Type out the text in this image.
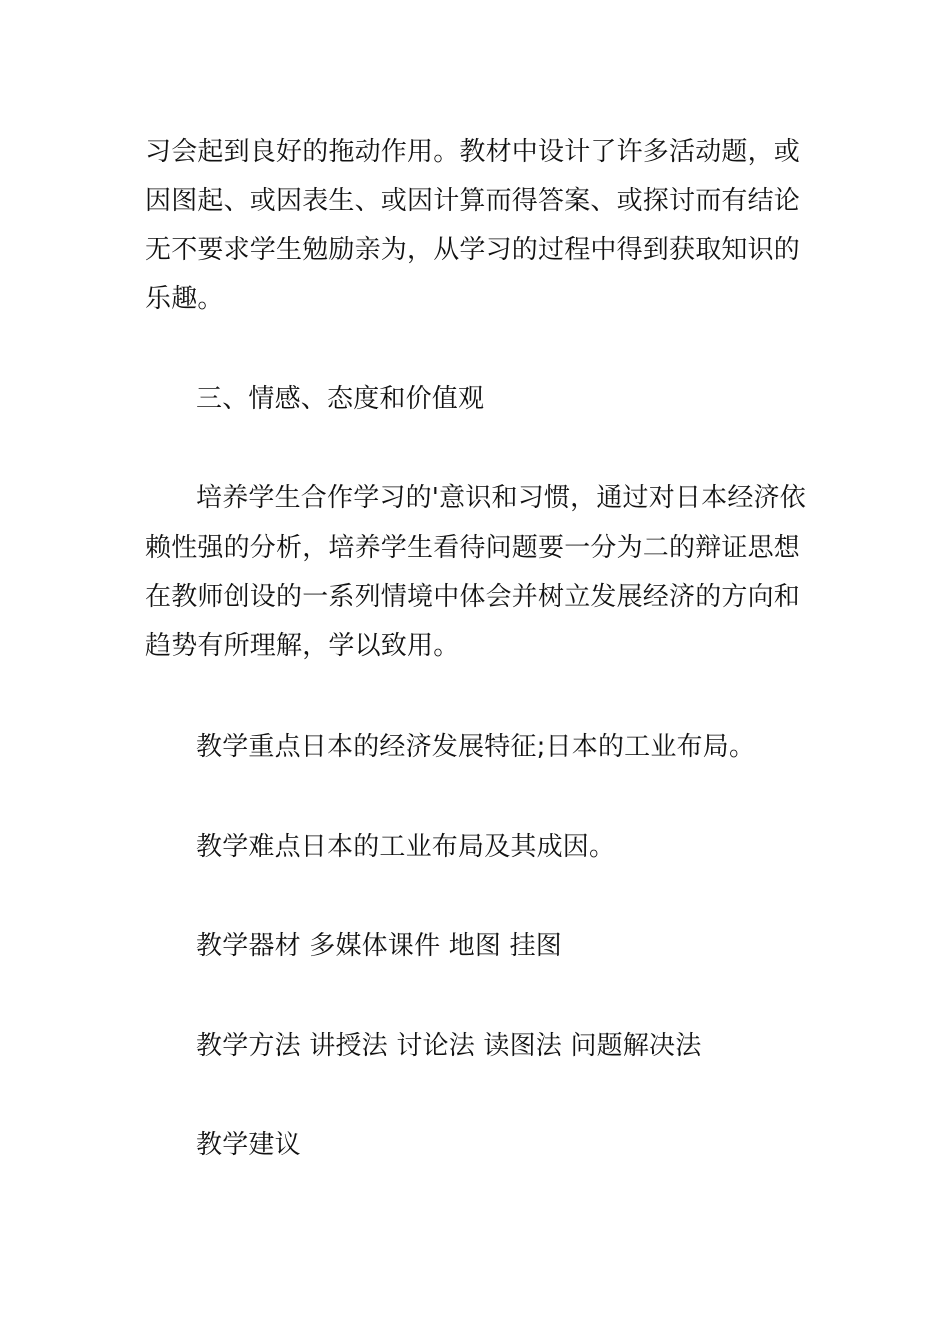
习会起到良好的拖动作用。教材中设计了许多活动题，或
因图起、或因表生、或因计算而得答案、或探讨而有结论
无不要求学生勉励亲为，从学习的过程中得到获取知识的
乐趣。
三、情感、态度和价值观
培养学生合作学习的'意识和习惯，通过对日本经济依
赖性强的分析，培养学生看待问题要一分为二的辩证思想
在教师创设的一系列情境中体会并树立发展经济的方向和
趋势有所理解，学以致用。
教学重点日本的经济发展特征;日本的工业布局。
教学难点日本的工业布局及其成因。
教学器材 多媒体课件 地图 挂图
教学方法 讲授法 讨论法 读图法 问题解决法
教学建议
